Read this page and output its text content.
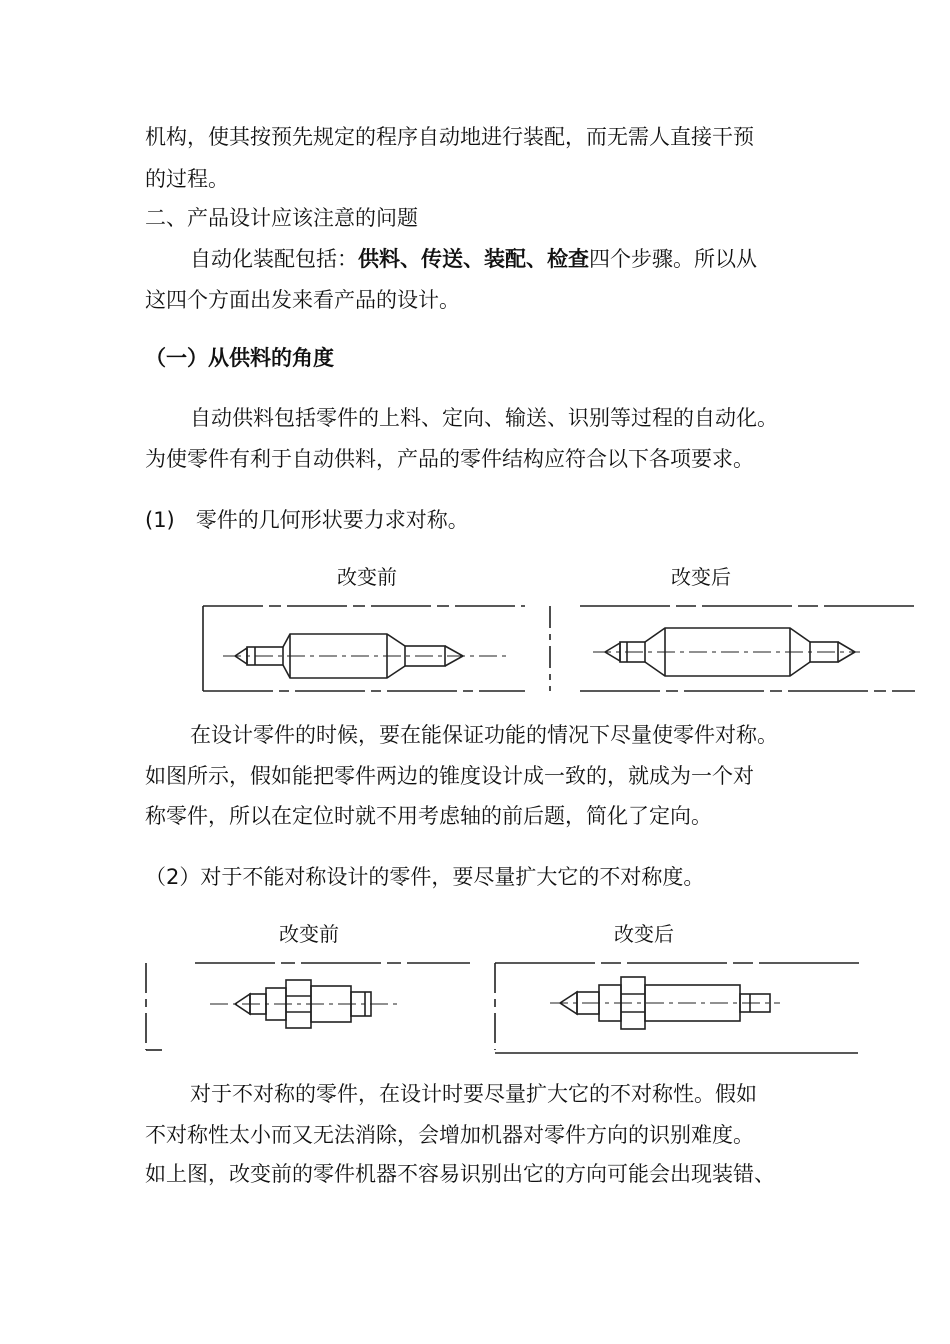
机构，使其按预先规定的程序自动地进行装配，而无需人直接干预
的过程。
二、产品设计应该注意的问题
自动化装配包括：供料、传送、装配、检查四个步骤。所以从
这四个方面出发来看产品的设计。
（一）从供料的角度
自动供料包括零件的上料、定向、输送、识别等过程的自动化。
为使零件有利于自动供料，产品的零件结构应符合以下各项要求。
(1)　零件的几何形状要力求对称。
改变前	改变后
在设计零件的时候，要在能保证功能的情况下尽量使零件对称。
如图所示，假如能把零件两边的锥度设计成一致的，就成为一个对
称零件，所以在定位时就不用考虑轴的前后题，简化了定向。
（2）对于不能对称设计的零件，要尽量扩大它的不对称度。
改变前	改变后
对于不对称的零件，在设计时要尽量扩大它的不对称性。假如
不对称性太小而又无法消除，会增加机器对零件方向的识别难度。
如上图，改变前的零件机器不容易识别出它的方向可能会出现装错、
